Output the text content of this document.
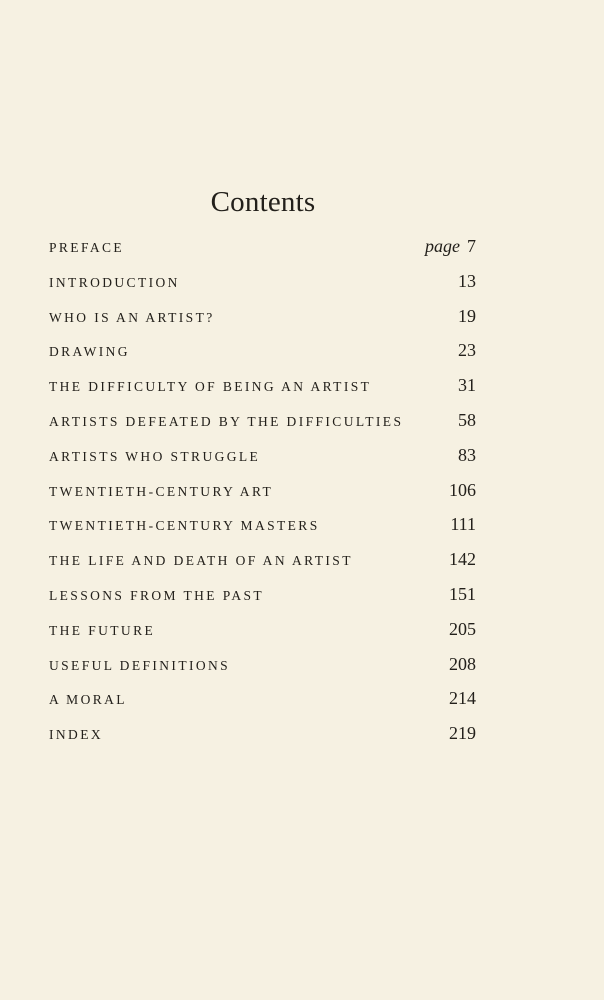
Contents
PREFACE	page 7
INTRODUCTION	13
WHO IS AN ARTIST?	19
DRAWING	23
THE DIFFICULTY OF BEING AN ARTIST	31
ARTISTS DEFEATED BY THE DIFFICULTIES	58
ARTISTS WHO STRUGGLE	83
TWENTIETH-CENTURY ART	106
TWENTIETH-CENTURY MASTERS	111
THE LIFE AND DEATH OF AN ARTIST	142
LESSONS FROM THE PAST	151
THE FUTURE	205
USEFUL DEFINITIONS	208
A MORAL	214
INDEX	219
